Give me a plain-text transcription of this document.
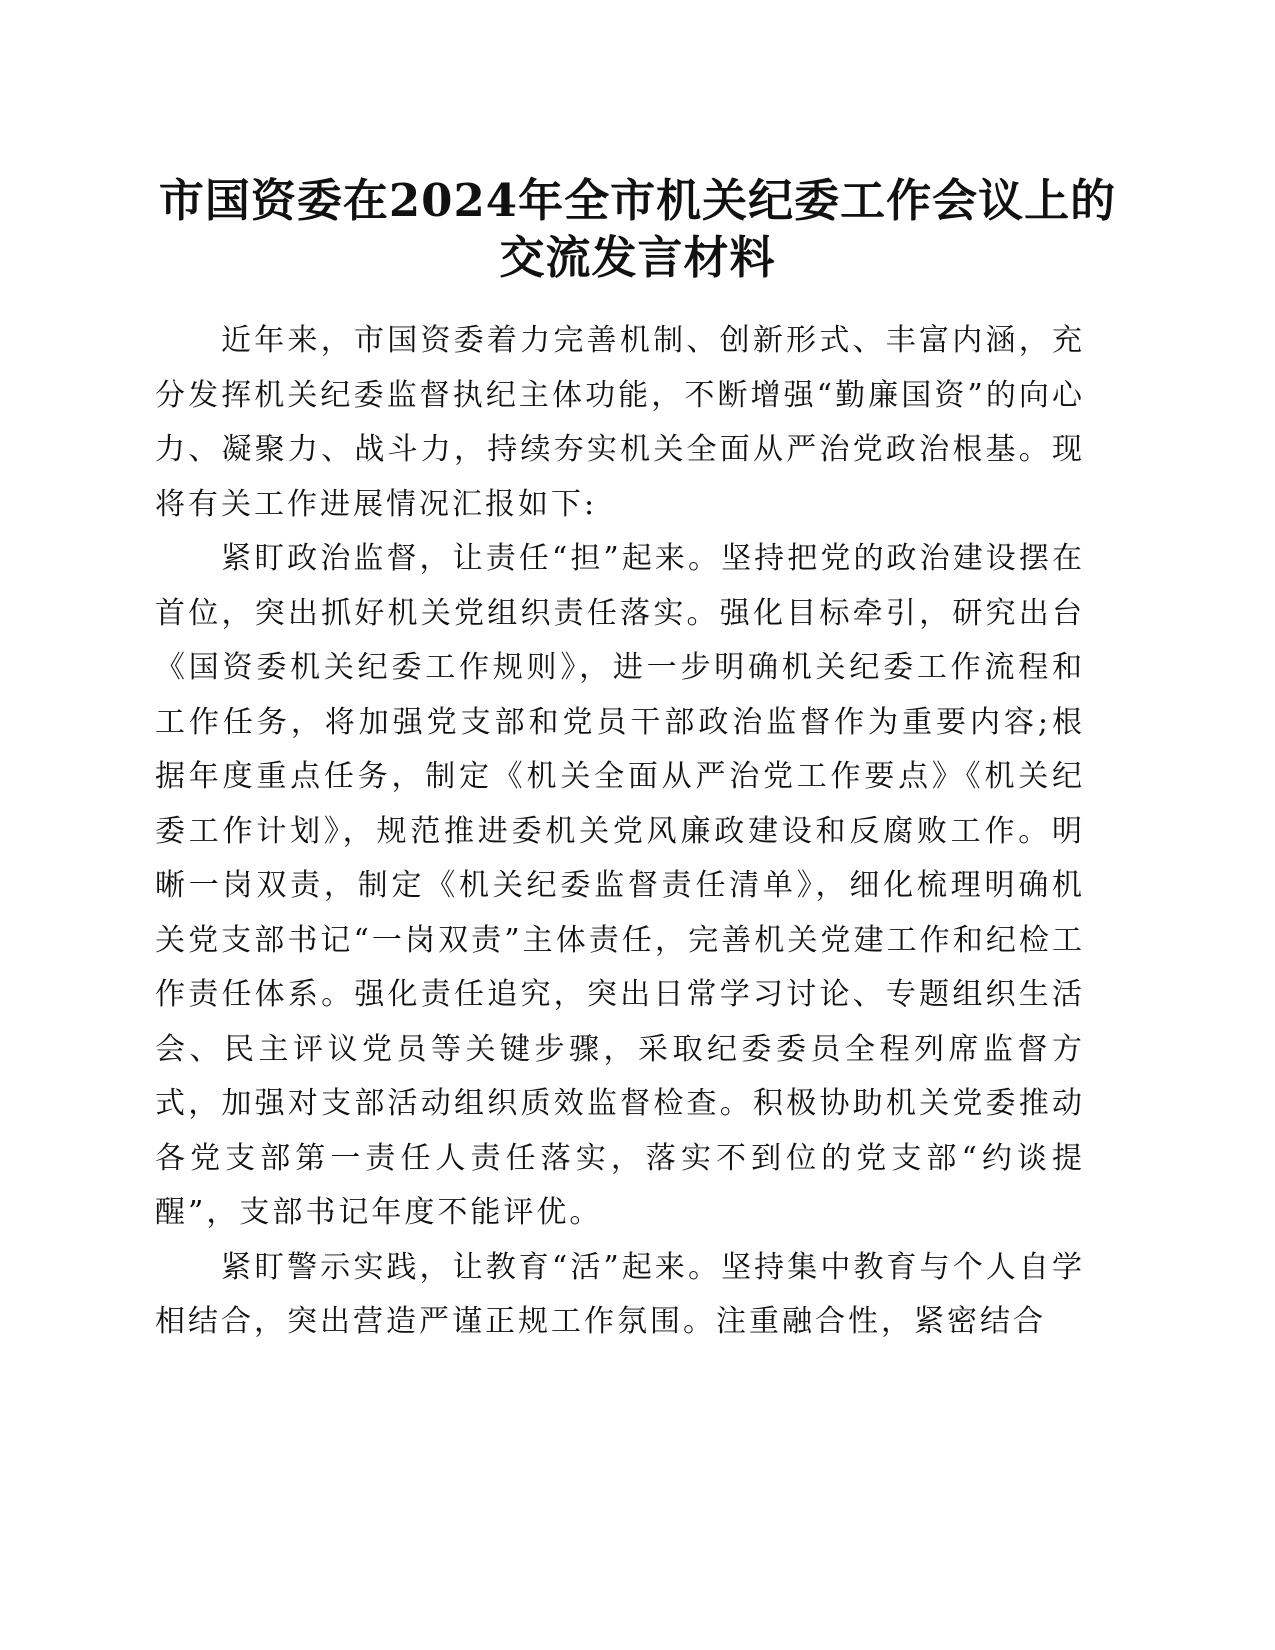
市国资委在2024年全市机关纪委工作会议上的
交流发言材料

近年来，市国资委着力完善机制、创新形式、丰富内涵，充分发挥机关纪委监督执纪主体功能，不断增强“勤廉国资”的向心力、凝聚力、战斗力，持续夯实机关全面从严治党政治根基。现将有关工作进展情况汇报如下:

紧盯政治监督，让责任“担”起来。坚持把党的政治建设摆在首位，突出抓好机关党组织责任落实。强化目标牵引，研究出台《国资委机关纪委工作规则》，进一步明确机关纪委工作流程和工作任务，将加强党支部和党员干部政治监督作为重要内容;根据年度重点任务，制定《机关全面从严治党工作要点》《机关纪委工作计划》，规范推进委机关党风廉政建设和反腐败工作。明晰一岗双责，制定《机关纪委监督责任清单》，细化梳理明确机关党支部书记“一岗双责”主体责任，完善机关党建工作和纪检工作责任体系。强化责任追究，突出日常学习讨论、专题组织生活会、民主评议党员等关键步骤，采取纪委委员全程列席监督方式，加强对支部活动组织质效监督检查。积极协助机关党委推动各党支部第一责任人责任落实，落实不到位的党支部“约谈提醒”，支部书记年度不能评优。

紧盯警示实践，让教育“活”起来。坚持集中教育与个人自学相结合，突出营造严谨正规工作氛围。注重融合性，紧密结合
